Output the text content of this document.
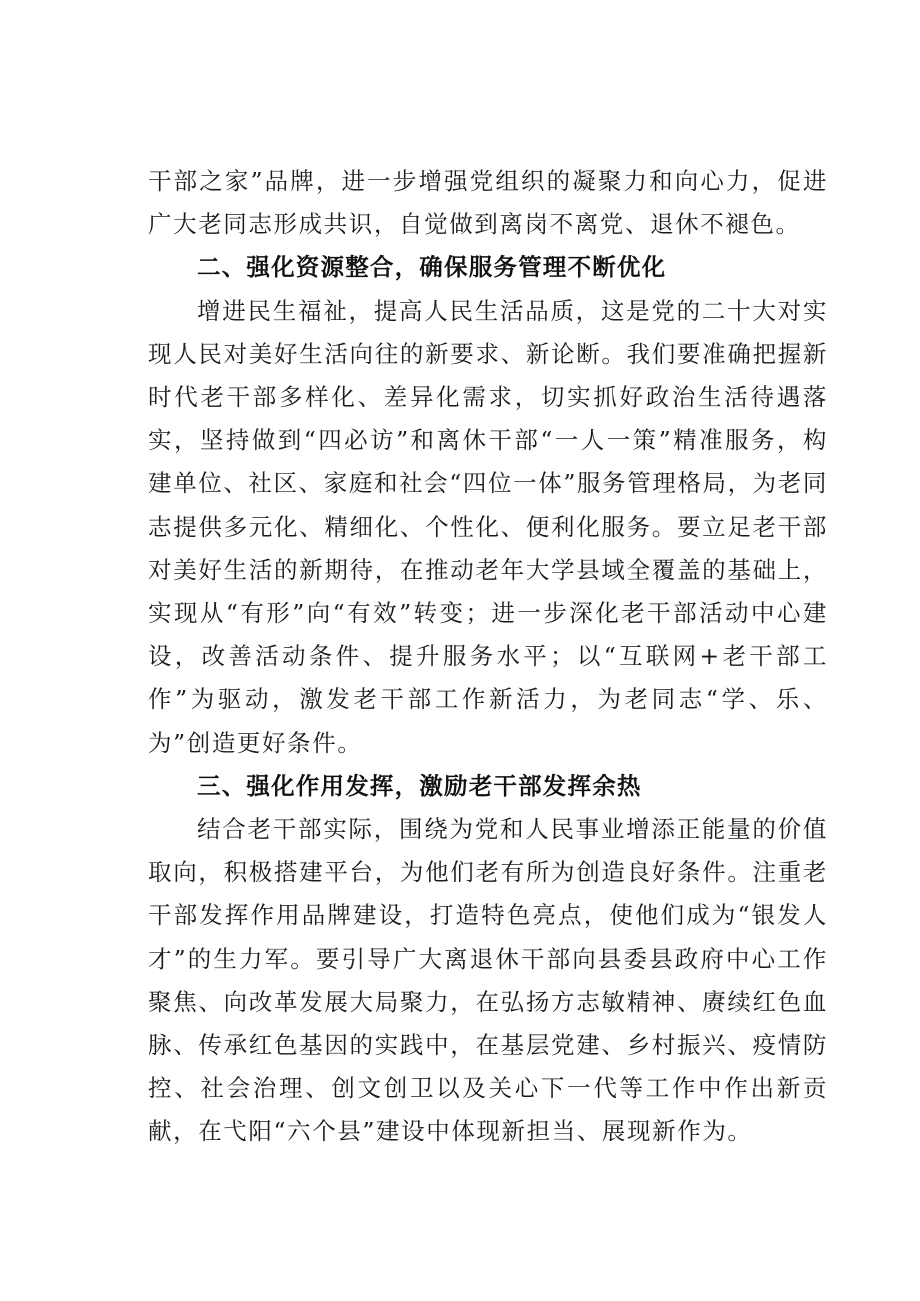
干部之家”品牌，进一步增强党组织的凝聚力和向心力，促进广大老同志形成共识，自觉做到离岗不离党、退休不褪色。

二、强化资源整合，确保服务管理不断优化

增进民生福祉，提高人民生活品质，这是党的二十大对实现人民对美好生活向往的新要求、新论断。我们要准确把握新时代老干部多样化、差异化需求，切实抓好政治生活待遇落实，坚持做到“四必访”和离休干部“一人一策”精准服务，构建单位、社区、家庭和社会“四位一体”服务管理格局，为老同志提供多元化、精细化、个性化、便利化服务。要立足老干部对美好生活的新期待，在推动老年大学县域全覆盖的基础上，实现从“有形”向“有效”转变；进一步深化老干部活动中心建设，改善活动条件、提升服务水平；以“互联网+老干部工作”为驱动，激发老干部工作新活力，为老同志“学、乐、为”创造更好条件。

三、强化作用发挥，激励老干部发挥余热

结合老干部实际，围绕为党和人民事业增添正能量的价值取向，积极搭建平台，为他们老有所为创造良好条件。注重老干部发挥作用品牌建设，打造特色亮点，使他们成为“银发人才”的生力军。要引导广大离退休干部向县委县政府中心工作聚焦、向改革发展大局聚力，在弘扬方志敏精神、赓续红色血脉、传承红色基因的实践中，在基层党建、乡村振兴、疫情防控、社会治理、创文创卫以及关心下一代等工作中作出新贡献，在弋阳“六个县”建设中体现新担当、展现新作为。
